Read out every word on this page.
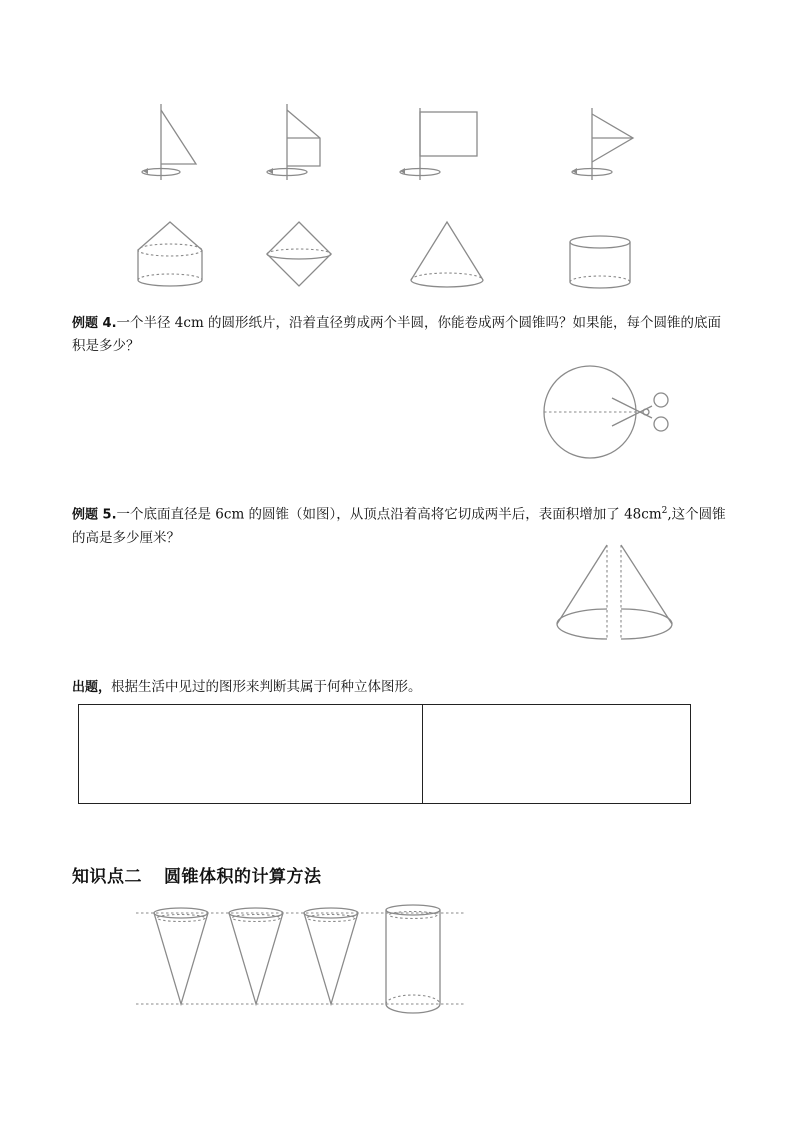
例题 4.一个半径 4cm 的圆形纸片，沿着直径剪成两个半圆，你能卷成两个圆锥吗？如果能，每个圆锥的底面积是多少？
例题 5.一个底面直径是 6cm 的圆锥（如图），从顶点沿着高将它切成两半后，表面积增加了 $48cm^2$,这个圆锥的高是多少厘米？
出题，根据生活中见过的图形来判断其属于何种立体图形。

知识点二 圆锥体积的计算方法
